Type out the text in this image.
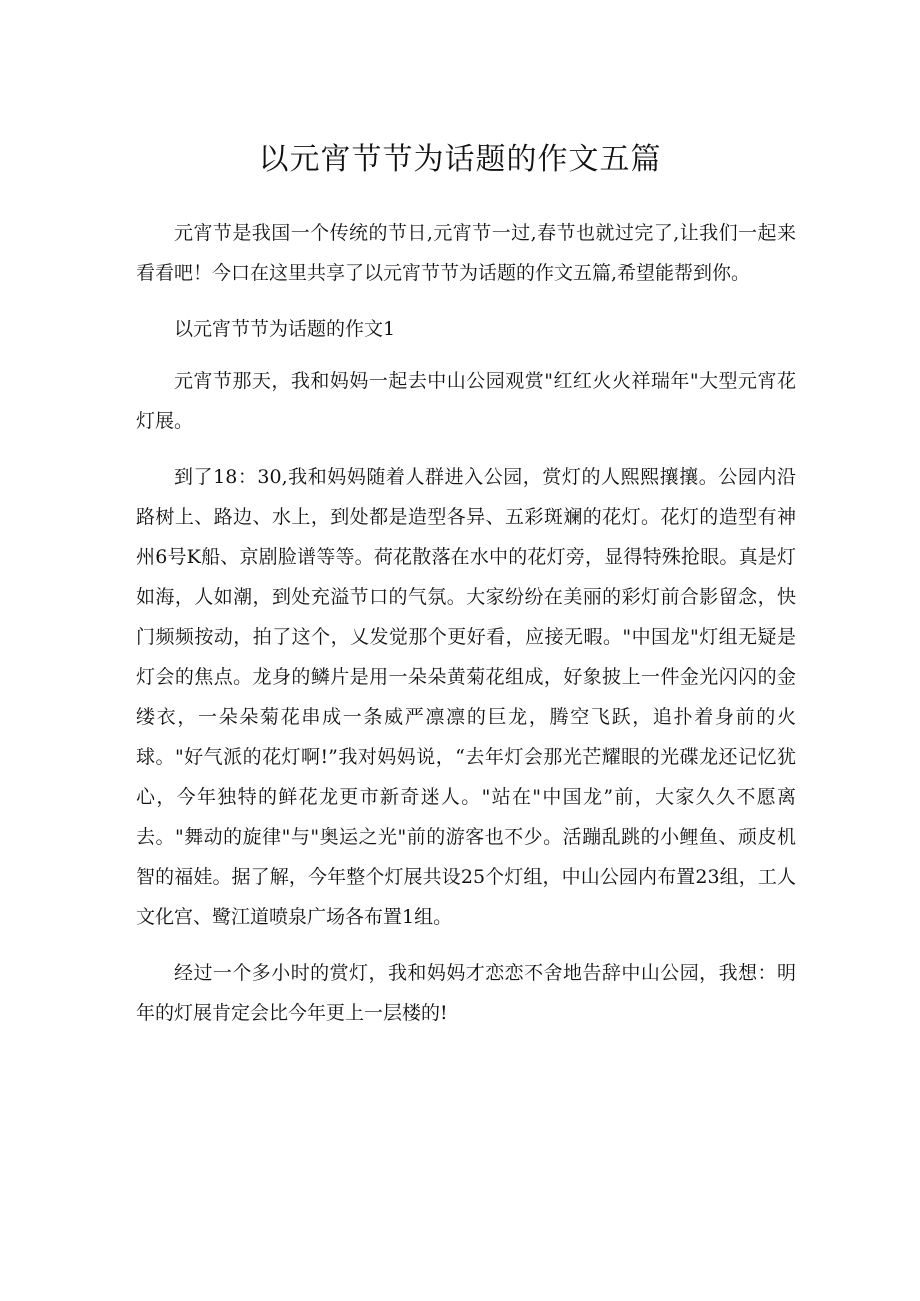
以元宵节节为话题的作文五篇

元宵节是我国一个传统的节日,元宵节一过,春节也就过完了,让我们一起来看看吧！今口在这里共享了以元宵节节为话题的作文五篇,希望能帮到你。

以元宵节节为话题的作文1

元宵节那天，我和妈妈一起去中山公园观赏"红红火火祥瑞年"大型元宵花灯展。

到了18：30,我和妈妈随着人群进入公园，赏灯的人熙熙攘攘。公园内沿路树上、路边、水上，到处都是造型各异、五彩斑斓的花灯。花灯的造型有神州6号K船、京剧脸谱等等。荷花散落在水中的花灯旁，显得特殊抢眼。真是灯如海，人如潮，到处充溢节口的气氛。大家纷纷在美丽的彩灯前合影留念，快门频频按动，拍了这个，乂发觉那个更好看，应接无暇。"中国龙"灯组无疑是灯会的焦点。龙身的鳞片是用一朵朵黄菊花组成，好象披上一件金光闪闪的金缕衣，一朵朵菊花串成一条威严凛凛的巨龙，腾空飞跃，追扑着身前的火球。"好气派的花灯啊!”我对妈妈说，“去年灯会那光芒耀眼的光碟龙还记忆犹心，今年独特的鲜花龙更市新奇迷人。"站在"中国龙”前，大家久久不愿离去。"舞动的旋律"与"奥运之光"前的游客也不少。活蹦乱跳的小鲤鱼、顽皮机智的福娃。据了解，今年整个灯展共设25个灯组，中山公园内布置23组，工人文化宫、鹭江道喷泉广场各布置1组。

经过一个多小时的赏灯，我和妈妈才恋恋不舍地告辞中山公园，我想：明年的灯展肯定会比今年更上一层楼的!
